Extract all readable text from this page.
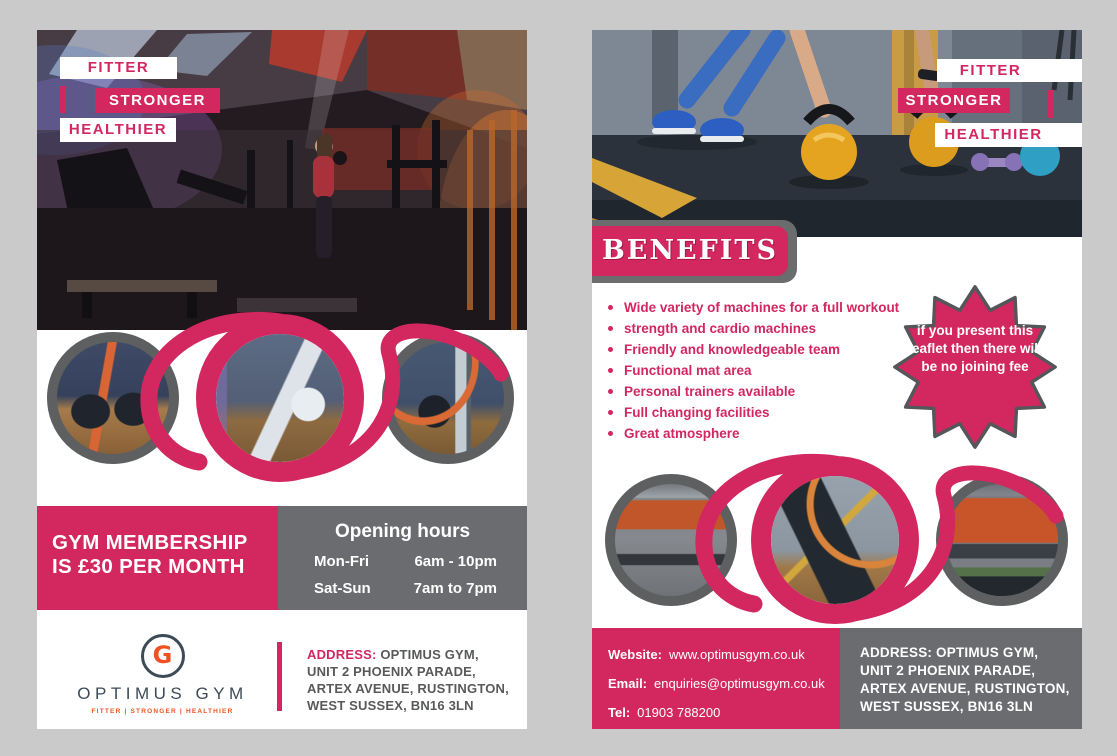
FITTER
STRONGER
HEALTHIER
GYM MEMBERSHIP IS £30 PER MONTH
Opening hours
Mon-Fri	6am - 10pm
Sat-Sun	7am to 7pm
G
OPTIMUS GYM
FITTER | STRONGER | HEALTHIER
ADDRESS: OPTIMUS GYM,
UNIT 2 PHOENIX PARADE,
ARTEX AVENUE, RUSTINGTON,
WEST SUSSEX, BN16 3LN
FITTER
STRONGER
HEALTHIER
BENEFITS
Wide variety of machines for a full workout
strength and cardio machines
Friendly and knowledgeable team
Functional mat area
Personal trainers available
Full changing facilities
Great atmosphere
if you present this leaflet then there will be no joining fee
Website: www.optimusgym.co.uk
Email: enquiries@optimusgym.co.uk
Tel: 01903 788200
ADDRESS: OPTIMUS GYM,
UNIT 2 PHOENIX PARADE,
ARTEX AVENUE, RUSTINGTON,
WEST SUSSEX, BN16 3LN
